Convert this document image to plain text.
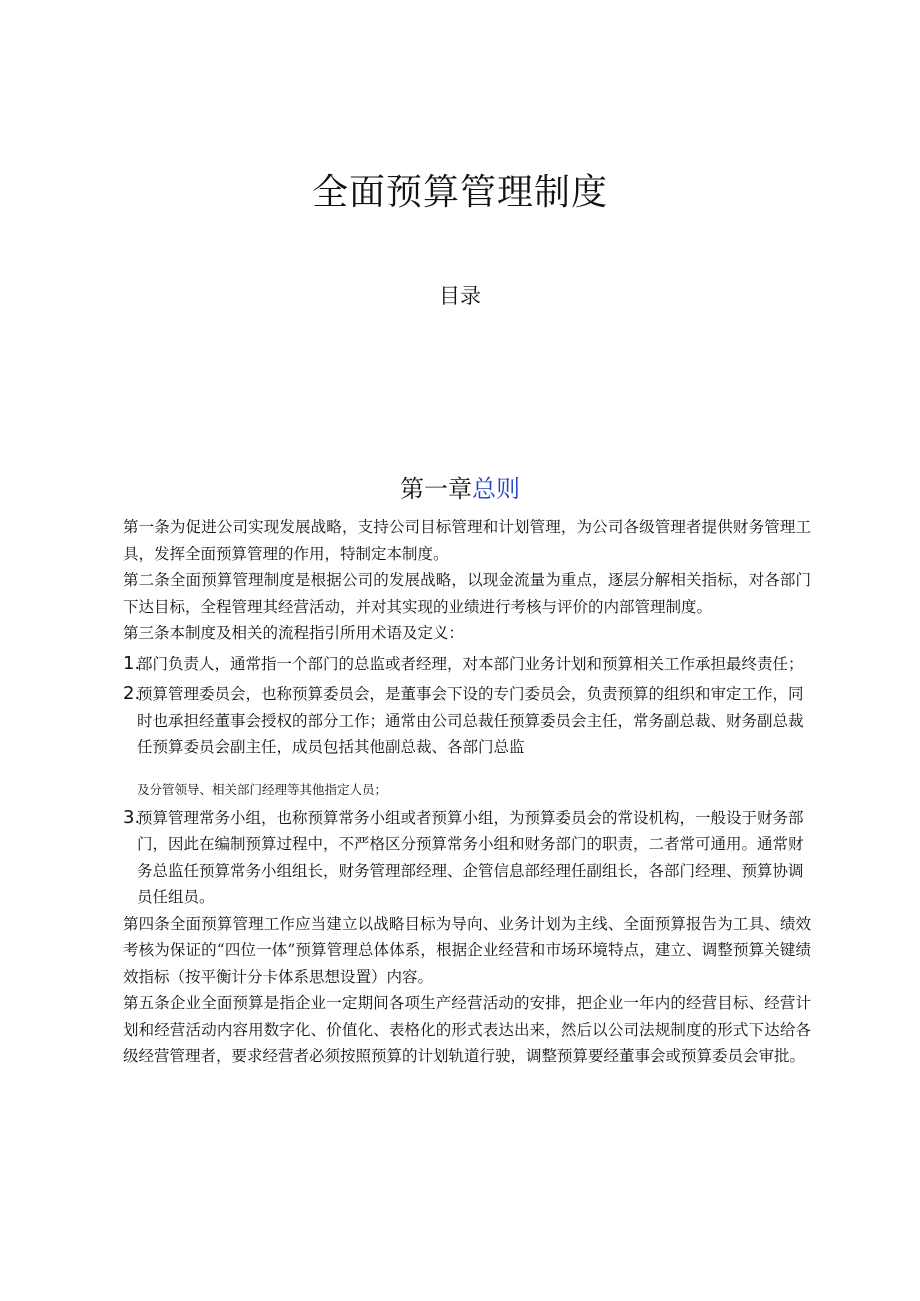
全面预算管理制度
目录
第一章总则

第一条为促进公司实现发展战略，支持公司目标管理和计划管理，为公司各级管理者提供财务管理工具，发挥全面预算管理的作用，特制定本制度。

第二条全面预算管理制度是根据公司的发展战略，以现金流量为重点，逐层分解相关指标，对各部门下达目标，全程管理其经营活动，并对其实现的业绩进行考核与评价的内部管理制度。

第三条本制度及相关的流程指引所用术语及定义：

1.部门负责人，通常指一个部门的总监或者经理，对本部门业务计划和预算相关工作承担最终责任；
2.预算管理委员会，也称预算委员会，是董事会下设的专门委员会，负责预算的组织和审定工作，同时也承担经董事会授权的部分工作；通常由公司总裁任预算委员会主任，常务副总裁、财务副总裁任预算委员会副主任，成员包括其他副总裁、各部门总监

及分管领导、相关部门经理等其他指定人员；

3.预算管理常务小组，也称预算常务小组或者预算小组，为预算委员会的常设机构，一般设于财务部门，因此在编制预算过程中，不严格区分预算常务小组和财务部门的职责，二者常可通用。通常财务总监任预算常务小组组长，财务管理部经理、企管信息部经理任副组长，各部门经理、预算协调员任组员。

第四条全面预算管理工作应当建立以战略目标为导向、业务计划为主线、全面预算报告为工具、绩效考核为保证的“四位一体”预算管理总体体系，根据企业经营和市场环境特点，建立、调整预算关键绩效指标（按平衡计分卡体系思想设置）内容。

第五条企业全面预算是指企业一定期间各项生产经营活动的安排，把企业一年内的经营目标、经营计划和经营活动内容用数字化、价值化、表格化的形式表达出来，然后以公司法规制度的形式下达给各级经营管理者，要求经营者必须按照预算的计划轨道行驶，调整预算要经董事会或预算委员会审批。
